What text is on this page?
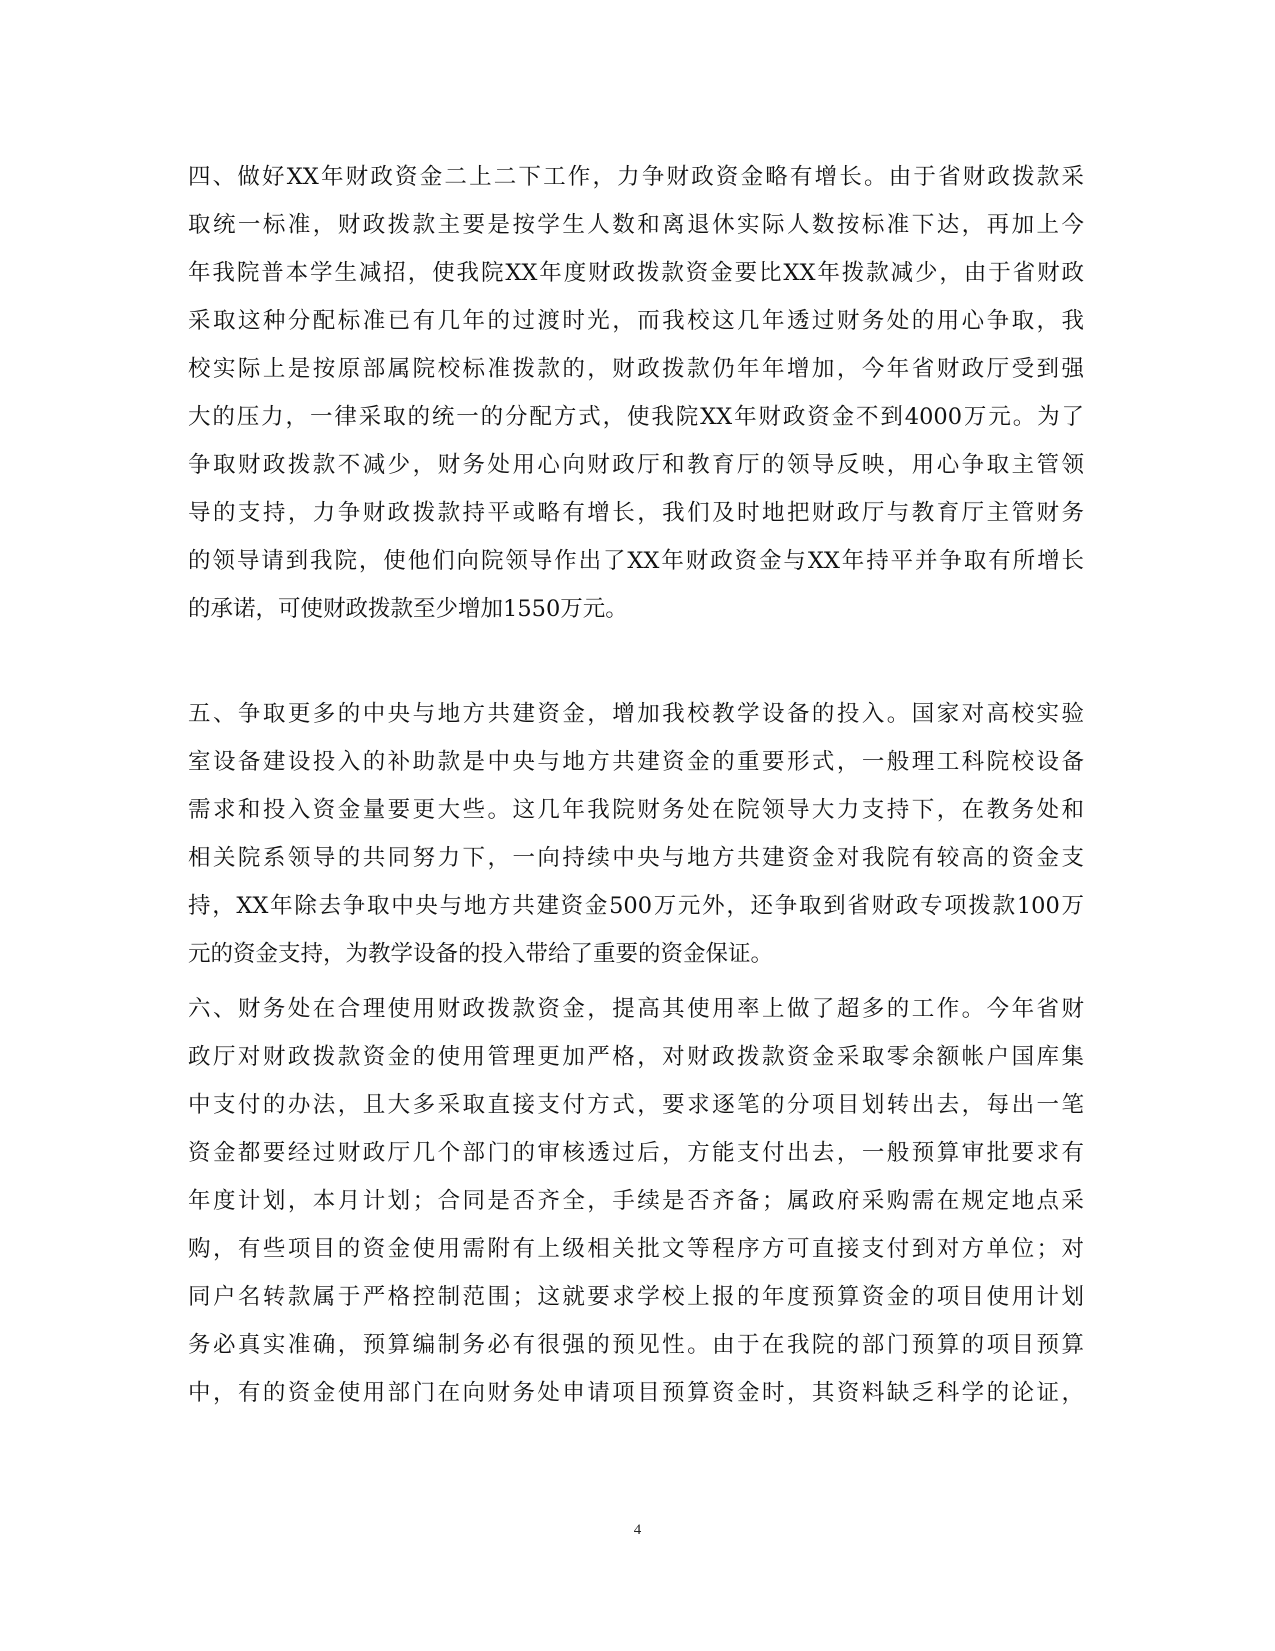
四、做好XX年财政资金二上二下工作，力争财政资金略有增长。由于省财政拨款采
取统一标准，财政拨款主要是按学生人数和离退休实际人数按标准下达，再加上今
年我院普本学生减招，使我院XX年度财政拨款资金要比XX年拨款减少，由于省财政
采取这种分配标准已有几年的过渡时光，而我校这几年透过财务处的用心争取，我
校实际上是按原部属院校标准拨款的，财政拨款仍年年增加，今年省财政厅受到强
大的压力，一律采取的统一的分配方式，使我院XX年财政资金不到4000万元。为了
争取财政拨款不减少，财务处用心向财政厅和教育厅的领导反映，用心争取主管领
导的支持，力争财政拨款持平或略有增长，我们及时地把财政厅与教育厅主管财务
的领导请到我院，使他们向院领导作出了XX年财政资金与XX年持平并争取有所增长
的承诺，可使财政拨款至少增加1550万元。
五、争取更多的中央与地方共建资金，增加我校教学设备的投入。国家对高校实验
室设备建设投入的补助款是中央与地方共建资金的重要形式，一般理工科院校设备
需求和投入资金量要更大些。这几年我院财务处在院领导大力支持下，在教务处和
相关院系领导的共同努力下，一向持续中央与地方共建资金对我院有较高的资金支
持，XX年除去争取中央与地方共建资金500万元外，还争取到省财政专项拨款100万
元的资金支持，为教学设备的投入带给了重要的资金保证。
六、财务处在合理使用财政拨款资金，提高其使用率上做了超多的工作。今年省财
政厅对财政拨款资金的使用管理更加严格，对财政拨款资金采取零余额帐户国库集
中支付的办法，且大多采取直接支付方式，要求逐笔的分项目划转出去，每出一笔
资金都要经过财政厅几个部门的审核透过后，方能支付出去，一般预算审批要求有
年度计划，本月计划；合同是否齐全，手续是否齐备；属政府采购需在规定地点采
购，有些项目的资金使用需附有上级相关批文等程序方可直接支付到对方单位；对
同户名转款属于严格控制范围；这就要求学校上报的年度预算资金的项目使用计划
务必真实准确，预算编制务必有很强的预见性。由于在我院的部门预算的项目预算
中，有的资金使用部门在向财务处申请项目预算资金时，其资料缺乏科学的论证，
4
